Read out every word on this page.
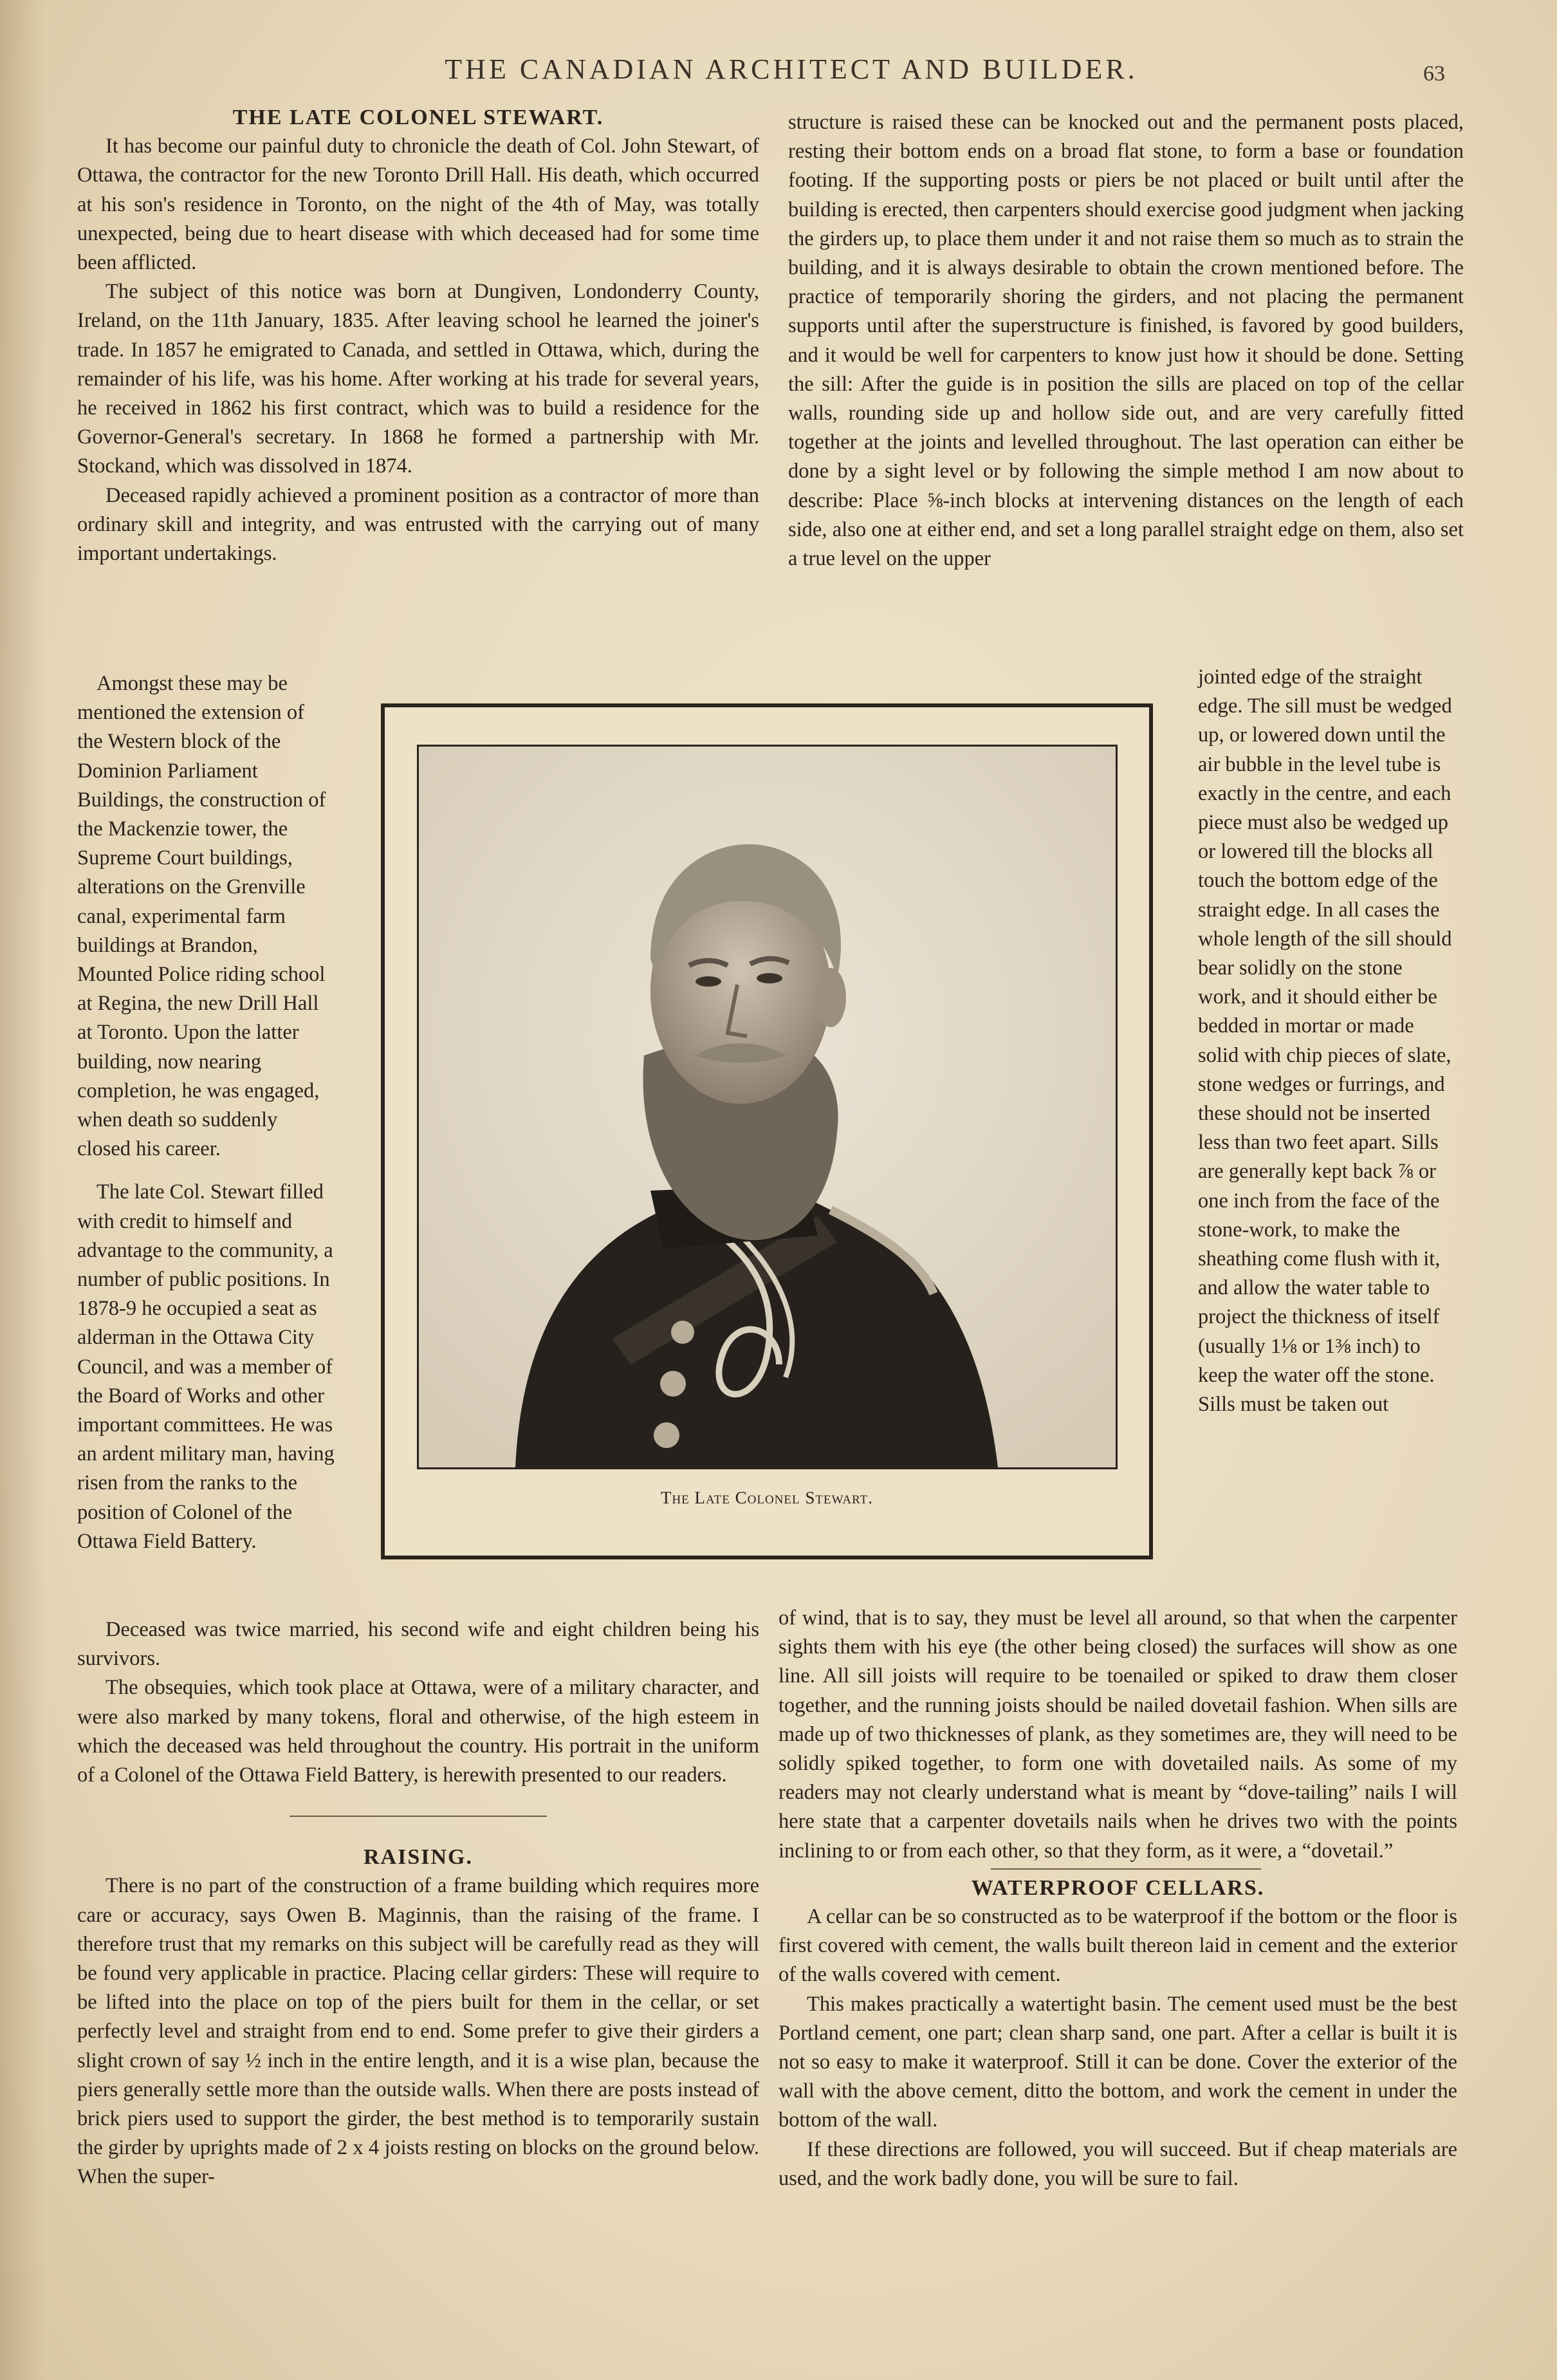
THE CANADIAN ARCHITECT AND BUILDER.	63
THE LATE COLONEL STEWART.

It has become our painful duty to chronicle the death of Col. John Stewart, of Ottawa, the contractor for the new Toronto Drill Hall. His death, which occurred at his son's residence in Toronto, on the night of the 4th of May, was totally unexpected, being due to heart disease with which deceased had for some time been afflicted.

The subject of this notice was born at Dungiven, Londonderry County, Ireland, on the 11th January, 1835. After leaving school he learned the joiner's trade. In 1857 he emigrated to Canada, and settled in Ottawa, which, during the remainder of his life, was his home. After working at his trade for several years, he received in 1862 his first contract, which was to build a residence for the Governor-General's secretary. In 1868 he formed a partnership with Mr. Stockand, which was dissolved in 1874.

Deceased rapidly achieved a prominent position as a contractor of more than ordinary skill and integrity, and was entrusted with the carrying out of many important undertakings.

Amongst these may be mentioned the extension of the Western block of the Dominion Parliament Buildings, the construction of the Mackenzie tower, the Supreme Court buildings, alterations on the Grenville canal, experimental farm buildings at Brandon, Mounted Police riding school at Regina, the new Drill Hall at Toronto. Upon the latter building, now nearing completion, he was engaged, when death so suddenly closed his career.

The late Col. Stewart filled with credit to himself and advantage to the community, a number of public positions. In 1878-9 he occupied a seat as alderman in the Ottawa City Council, and was a member of the Board of Works and other important committees. He was an ardent military man, having risen from the ranks to the position of Colonel of the Ottawa Field Battery.

Deceased was twice married, his second wife and eight children being his survivors.

The obsequies, which took place at Ottawa, were of a military character, and were also marked by many tokens, floral and otherwise, of the high esteem in which the deceased was held throughout the country. His portrait in the uniform of a Colonel of the Ottawa Field Battery, is herewith presented to our readers.

RAISING.

There is no part of the construction of a frame building which requires more care or accuracy, says Owen B. Maginnis, than the raising of the frame. I therefore trust that my remarks on this subject will be carefully read as they will be found very applicable in practice. Placing cellar girders: These will require to be lifted into the place on top of the piers built for them in the cellar, or set perfectly level and straight from end to end. Some prefer to give their girders a slight crown of say ½ inch in the entire length, and it is a wise plan, because the piers generally settle more than the outside walls. When there are posts instead of brick piers used to support the girder, the best method is to temporarily sustain the girder by uprights made of 2 x 4 joists resting on blocks on the ground below. When the super-

structure is raised these can be knocked out and the permanent posts placed, resting their bottom ends on a broad flat stone, to form a base or foundation footing. If the supporting posts or piers be not placed or built until after the building is erected, then carpenters should exercise good judgment when jacking the girders up, to place them under it and not raise them so much as to strain the building, and it is always desirable to obtain the crown mentioned before. The practice of temporarily shoring the girders, and not placing the permanent supports until after the superstructure is finished, is favored by good builders, and it would be well for carpenters to know just how it should be done. Setting the sill: After the guide is in position the sills are placed on top of the cellar walls, rounding side up and hollow side out, and are very carefully fitted together at the joints and levelled throughout. The last operation can either be done by a sight level or by following the simple method I am now about to describe: Place ⅝-inch blocks at intervening distances on the length of each side, also one at either end, and set a long parallel straight edge on them, also set a true level on the upper

jointed edge of the straight edge. The sill must be wedged up, or lowered down until the air bubble in the level tube is exactly in the centre, and each piece must also be wedged up or lowered till the blocks all touch the bottom edge of the straight edge. In all cases the whole length of the sill should bear solidly on the stone work, and it should either be bedded in mortar or made solid with chip pieces of slate, stone wedges or furrings, and these should not be inserted less than two feet apart. Sills are generally kept back ⅞ or one inch from the face of the stone-work, to make the sheathing come flush with it, and allow the water table to project the thickness of itself (usually 1⅛ or 1⅜ inch) to keep the water off the stone. Sills must be taken out

of wind, that is to say, they must be level all around, so that when the carpenter sights them with his eye (the other being closed) the surfaces will show as one line. All sill joists will require to be toenailed or spiked to draw them closer together, and the running joists should be nailed dovetail fashion. When sills are made up of two thicknesses of plank, as they sometimes are, they will need to be solidly spiked together, to form one with dovetailed nails. As some of my readers may not clearly understand what is meant by “dove-tailing” nails I will here state that a carpenter dovetails nails when he drives two with the points inclining to or from each other, so that they form, as it were, a “dovetail.”

WATERPROOF CELLARS.

A cellar can be so constructed as to be waterproof if the bottom or the floor is first covered with cement, the walls built thereon laid in cement and the exterior of the walls covered with cement.

This makes practically a watertight basin. The cement used must be the best Portland cement, one part; clean sharp sand, one part. After a cellar is built it is not so easy to make it waterproof. Still it can be done. Cover the exterior of the wall with the above cement, ditto the bottom, and work the cement in under the bottom of the wall.

If these directions are followed, you will succeed. But if cheap materials are used, and the work badly done, you will be sure to fail.

The Late Colonel Stewart.
